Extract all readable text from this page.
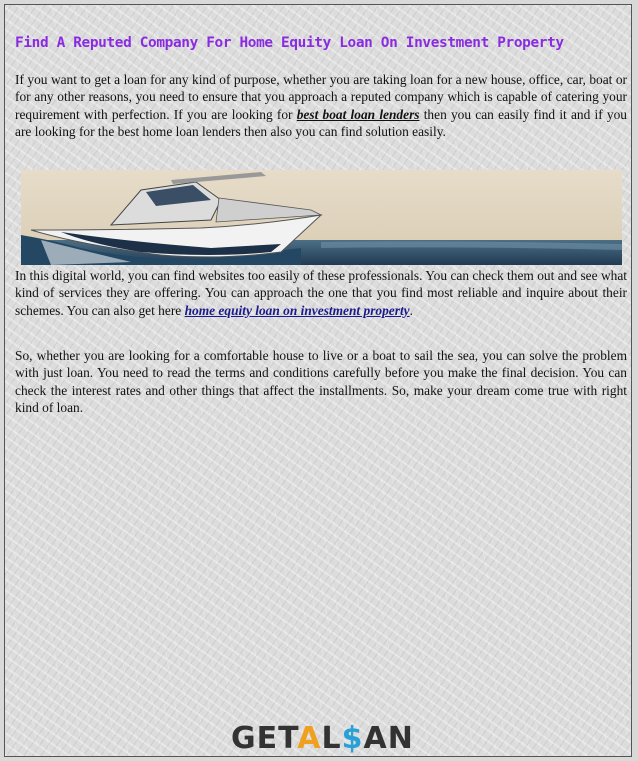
Find A Reputed Company For Home Equity Loan On Investment Property
If you want to get a loan for any kind of purpose, whether you are taking loan for a new house, office, car, boat or for any other reasons, you need to ensure that you approach a reputed company which is capable of catering your requirement with perfection. If you are looking for best boat loan lenders then you can easily find it and if you are looking for the best home loan lenders then also you can find solution easily.
In this digital world, you can find websites too easily of these professionals. You can check them out and see what kind of services they are offering. You can approach the one that you find most reliable and inquire about their schemes. You can also get here home equity loan on investment property.
So, whether you are looking for a comfortable house to live or a boat to sail the sea, you can solve the problem with just loan. You need to read the terms and conditions carefully before you make the final decision. You can check the interest rates and other things that affect the installments. So, make your dream come true with right kind of loan.
GETAL$AN
